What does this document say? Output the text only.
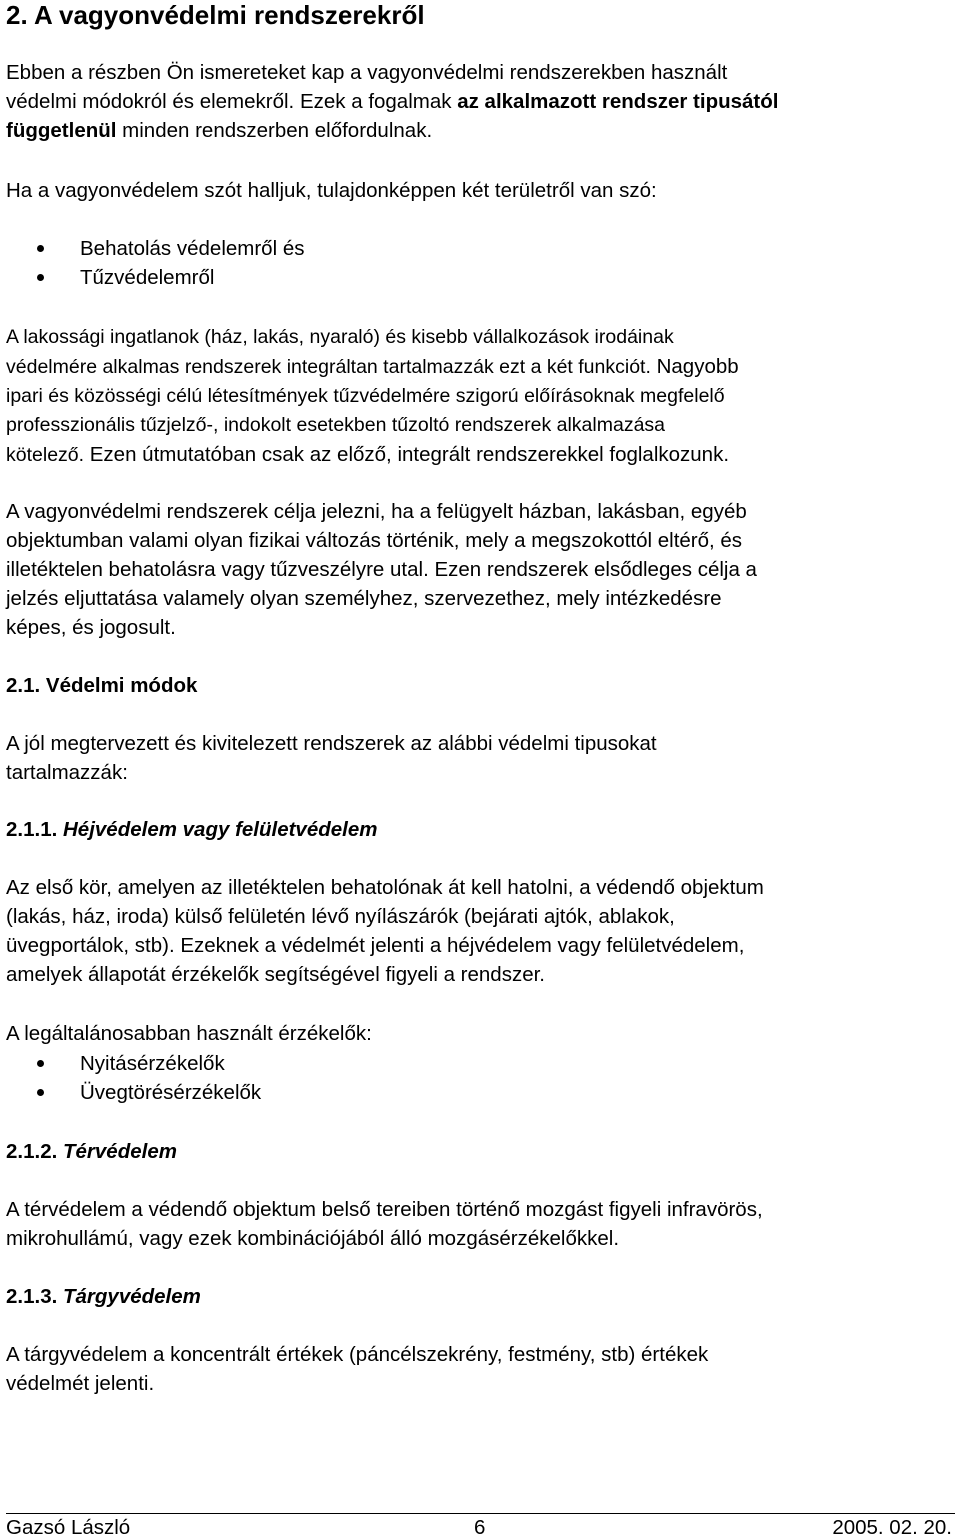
2. A vagyonvédelmi rendszerekről
Ebben a részben Ön ismereteket kap a vagyonvédelmi rendszerekben használt
védelmi módokról és elemekről. Ezek a fogalmak az alkalmazott rendszer tipusától
függetlenül minden rendszerben előfordulnak.
Ha a vagyonvédelem szót halljuk, tulajdonképpen két területről van szó:
Behatolás védelemről és
Tűzvédelemről
A lakossági ingatlanok (ház, lakás, nyaraló) és kisebb vállalkozások irodáinak
védelmére alkalmas rendszerek integráltan tartalmazzák ezt a két funkciót. Nagyobb
ipari és közösségi célú létesítmények tűzvédelmére szigorú előírásoknak megfelelő
professzionális tűzjelző-, indokolt esetekben tűzoltó rendszerek alkalmazása
kötelező. Ezen útmutatóban csak az előző, integrált rendszerekkel foglalkozunk.
A vagyonvédelmi rendszerek célja jelezni, ha a felügyelt házban, lakásban, egyéb
objektumban valami olyan fizikai változás történik, mely a megszokottól eltérő, és
illetéktelen behatolásra vagy tűzveszélyre utal. Ezen rendszerek elsődleges célja a
jelzés eljuttatása valamely olyan személyhez, szervezethez, mely intézkedésre
képes, és jogosult.
2.1. Védelmi módok
A jól megtervezett és kivitelezett rendszerek az alábbi védelmi tipusokat
tartalmazzák:
2.1.1. Héjvédelem vagy felületvédelem
Az első kör, amelyen az illetéktelen behatolónak át kell hatolni, a védendő objektum
(lakás, ház, iroda) külső felületén lévő nyílászárók (bejárati ajtók, ablakok,
üvegportálok, stb). Ezeknek a védelmét jelenti a héjvédelem vagy felületvédelem,
amelyek állapotát érzékelők segítségével figyeli a rendszer.
A legáltalánosabban használt érzékelők:
Nyitásérzékelők
Üvegtörésérzékelők
2.1.2. Térvédelem
A térvédelem a védendő objektum belső tereiben történő mozgást figyeli infravörös,
mikrohullámú, vagy ezek kombinációjából álló mozgásérzékelőkkel.
2.1.3. Tárgyvédelem
A tárgyvédelem a koncentrált értékek (páncélszekrény, festmény, stb) értékek
védelmét jelenti.
Gazsó László	6	2005. 02. 20.
